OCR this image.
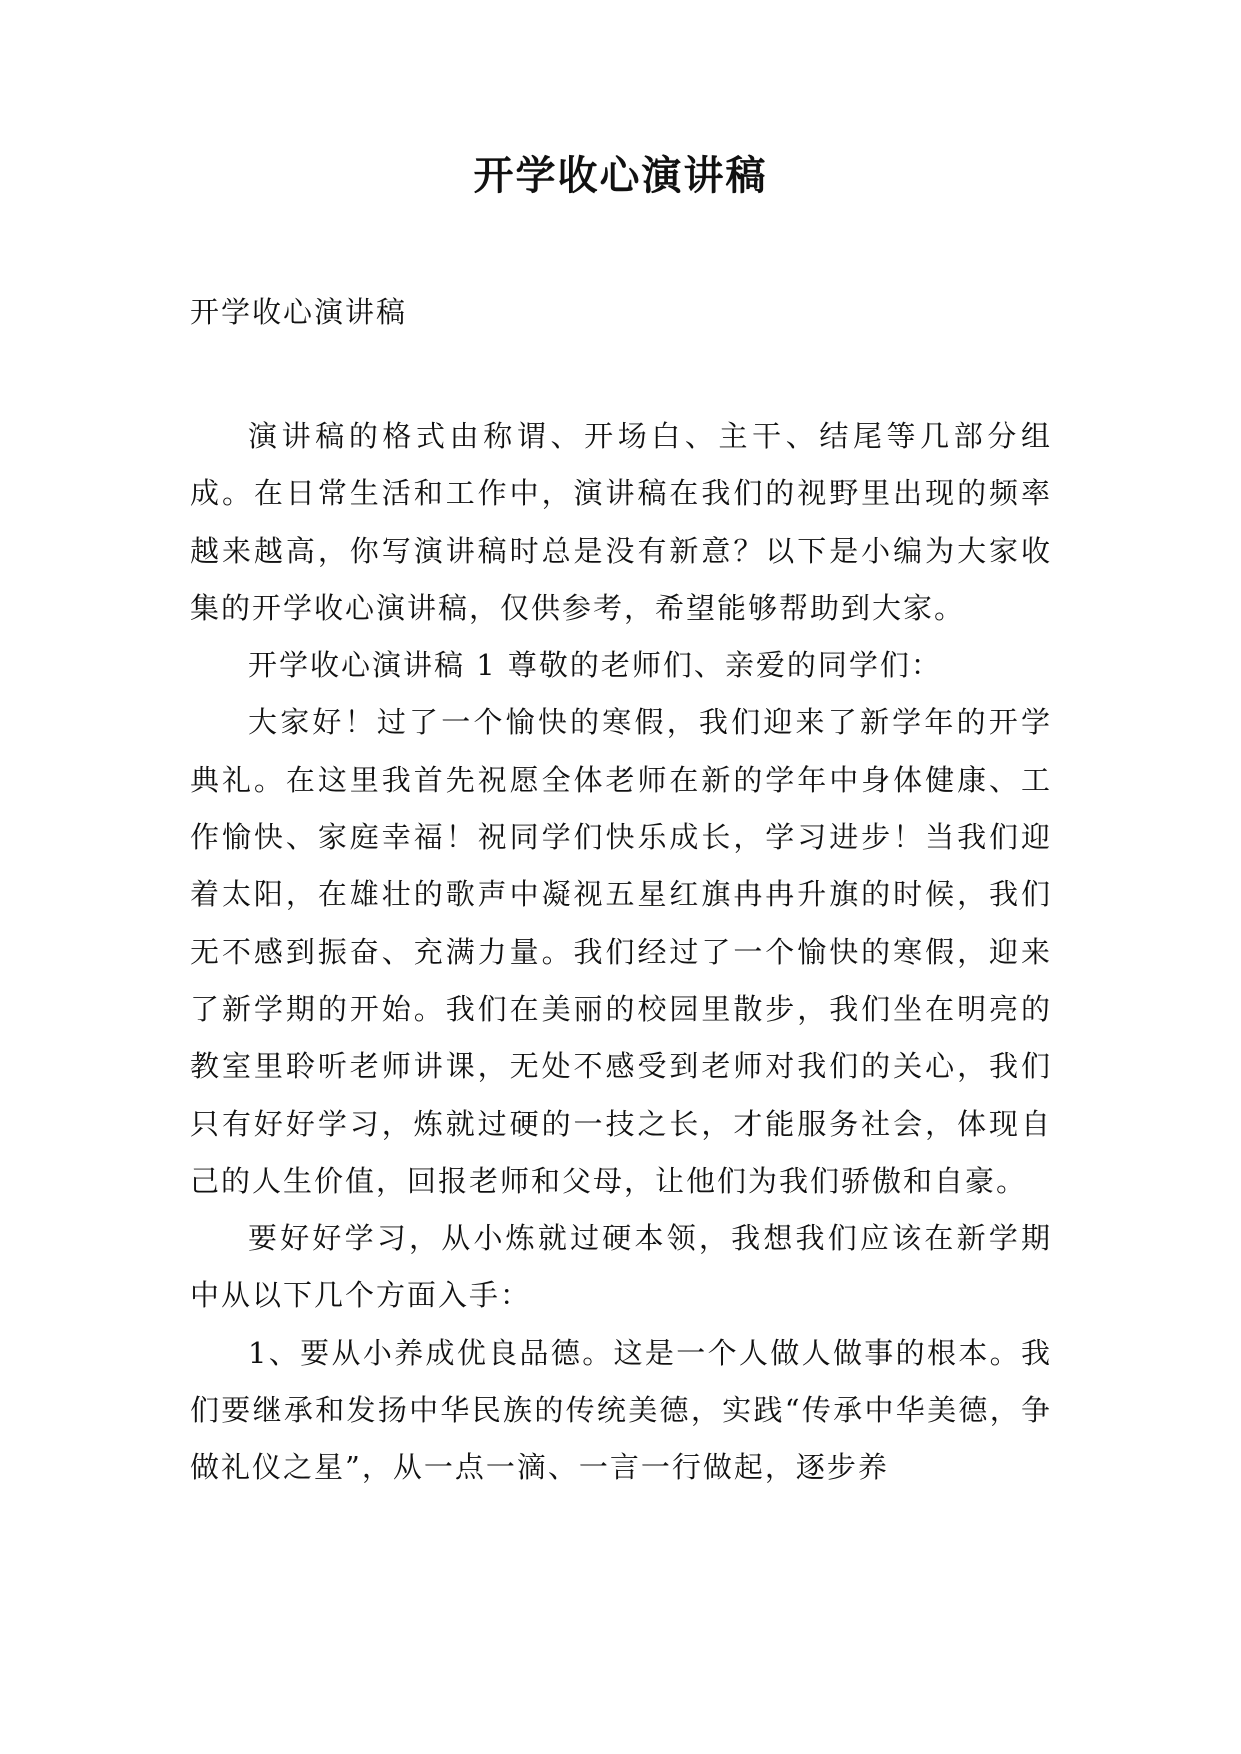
开学收心演讲稿

开学收心演讲稿

演讲稿的格式由称谓、开场白、主干、结尾等几部分组成。在日常生活和工作中，演讲稿在我们的视野里出现的频率越来越高，你写演讲稿时总是没有新意？以下是小编为大家收集的开学收心演讲稿，仅供参考，希望能够帮助到大家。

开学收心演讲稿 1 尊敬的老师们、亲爱的同学们：

大家好！过了一个愉快的寒假，我们迎来了新学年的开学典礼。在这里我首先祝愿全体老师在新的学年中身体健康、工作愉快、家庭幸福！祝同学们快乐成长，学习进步！当我们迎着太阳，在雄壮的歌声中凝视五星红旗冉冉升旗的时候，我们无不感到振奋、充满力量。我们经过了一个愉快的寒假，迎来了新学期的开始。我们在美丽的校园里散步，我们坐在明亮的教室里聆听老师讲课，无处不感受到老师对我们的关心，我们只有好好学习，炼就过硬的一技之长，才能服务社会，体现自己的人生价值，回报老师和父母，让他们为我们骄傲和自豪。

要好好学习，从小炼就过硬本领，我想我们应该在新学期中从以下几个方面入手：

1、要从小养成优良品德。这是一个人做人做事的根本。我们要继承和发扬中华民族的传统美德，实践“传承中华美德，争做礼仪之星”，从一点一滴、一言一行做起，逐步养
